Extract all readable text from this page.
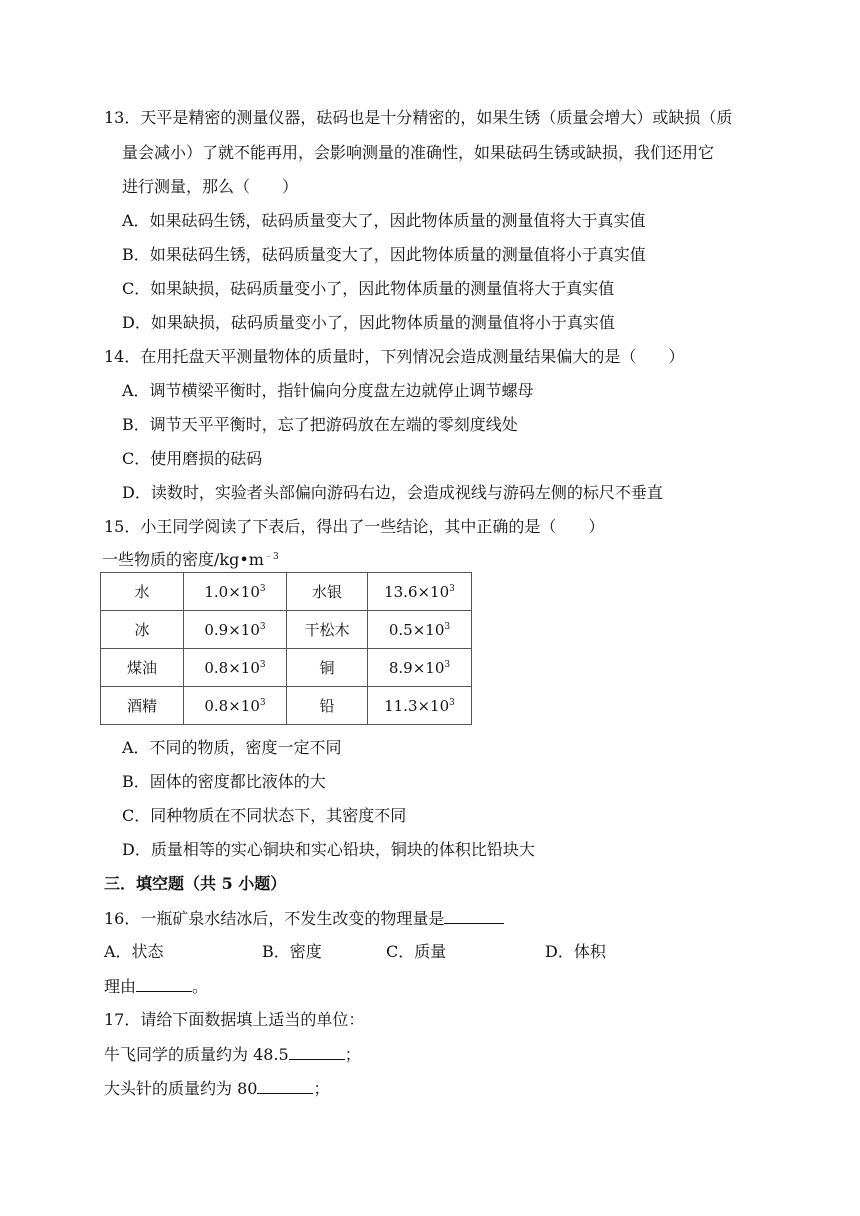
13．天平是精密的测量仪器，砝码也是十分精密的，如果生锈（质量会增大）或缺损（质
量会减小）了就不能再用，会影响测量的准确性，如果砝码生锈或缺损，我们还用它
进行测量，那么（　　）
A．如果砝码生锈，砝码质量变大了，因此物体质量的测量值将大于真实值
B．如果砝码生锈，砝码质量变大了，因此物体质量的测量值将小于真实值
C．如果缺损，砝码质量变小了，因此物体质量的测量值将大于真实值
D．如果缺损，砝码质量变小了，因此物体质量的测量值将小于真实值
14．在用托盘天平测量物体的质量时，下列情况会造成测量结果偏大的是（　　）
A．调节横梁平衡时，指针偏向分度盘左边就停止调节螺母
B．调节天平平衡时，忘了把游码放在左端的零刻度线处
C．使用磨损的砝码
D．读数时，实验者头部偏向游码右边，会造成视线与游码左侧的标尺不垂直
15．小王同学阅读了下表后，得出了一些结论，其中正确的是（　　）
一些物质的密度$/kg•m^{﹣3}$
水	$1.0\times 10^3$	水银	$13.6\times 10^3$
冰	$0.9\times 10^3$	干松木	$0.5\times 10^3$
煤油	$0.8\times 10^3$	铜	$8.9\times 10^3$
酒精	$0.8\times 10^3$	铅	$11.3\times 10^3$
A．不同的物质，密度一定不同
B．固体的密度都比液体的大
C．同种物质在不同状态下，其密度不同
D．质量相等的实心铜块和实心铅块，铜块的体积比铅块大
三．填空题（共 5 小题）
16．一瓶矿泉水结冰后，不发生改变的物理量是
A．状态	B．密度	C．质量	D．体积
理由	。
17．请给下面数据填上适当的单位：
牛飞同学的质量约为 48.5	；
大头针的质量约为 80	；
